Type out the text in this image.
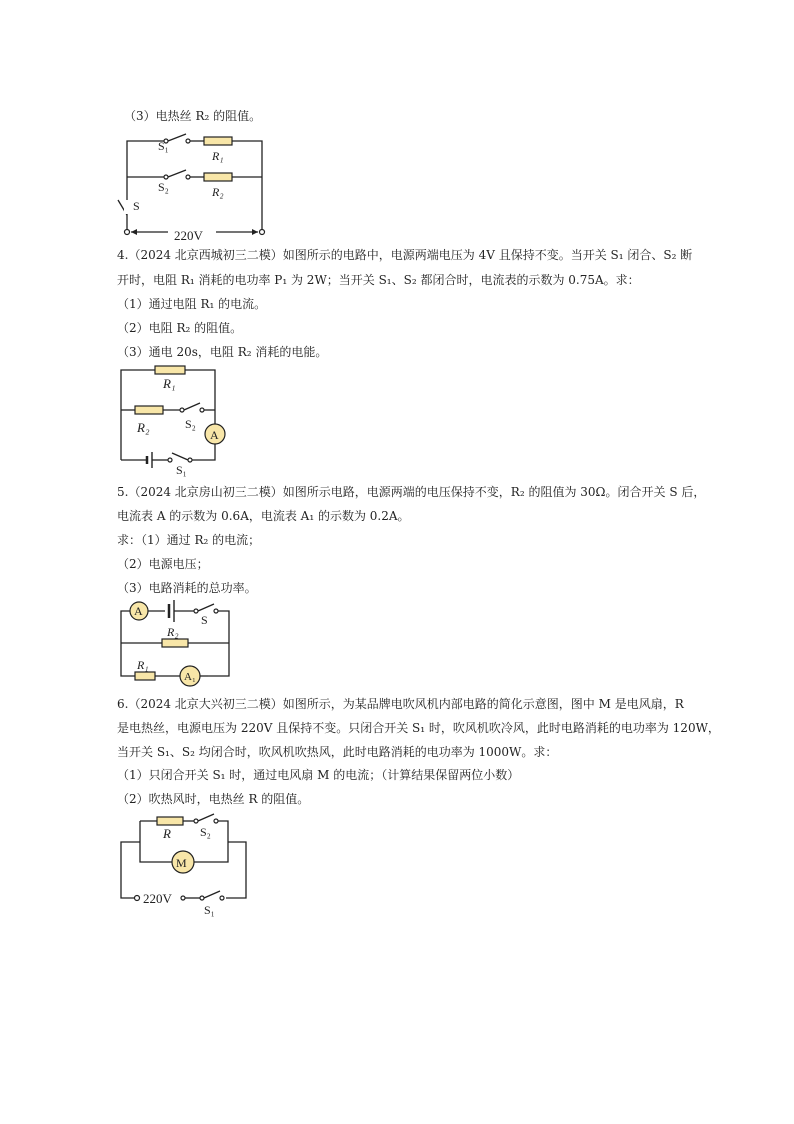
（3）电热丝 R₂ 的阻值。
S₁
R₁
S₂	R₂
S
220V
4.（2024 北京西城初三二模）如图所示的电路中，电源两端电压为 4V 且保持不变。当开关 S₁ 闭合、S₂ 断
开时，电阻 R₁ 消耗的电功率 P₁ 为 2W；当开关 S₁、S₂ 都闭合时，电流表的示数为 0.75A。求：
（1）通过电阻 R₁ 的电流。
（2）电阻 R₂ 的阻值。
（3）通电 20s，电阻 R₂ 消耗的电能。
R₁
R₂	S₂
A
S₁
5.（2024 北京房山初三二模）如图所示电路，电源两端的电压保持不变，R₂ 的阻值为 30Ω。闭合开关 S 后，
电流表 A 的示数为 0.6A，电流表 A₁ 的示数为 0.2A。
求：（1）通过 R₂ 的电流；
（2）电源电压；
（3）电路消耗的总功率。
A
S
R₂
R₁
A₁
6.（2024 北京大兴初三二模）如图所示，为某品牌电吹风机内部电路的简化示意图，图中 M 是电风扇，R
是电热丝，电源电压为 220V 且保持不变。只闭合开关 S₁ 时，吹风机吹冷风，此时电路消耗的电功率为 120W，
当开关 S₁、S₂ 均闭合时，吹风机吹热风，此时电路消耗的电功率为 1000W。求：
（1）只闭合开关 S₁ 时，通过电风扇 M 的电流；（计算结果保留两位小数）
（2）吹热风时，电热丝 R 的阻值。
R S₂
M
220V
S₁
